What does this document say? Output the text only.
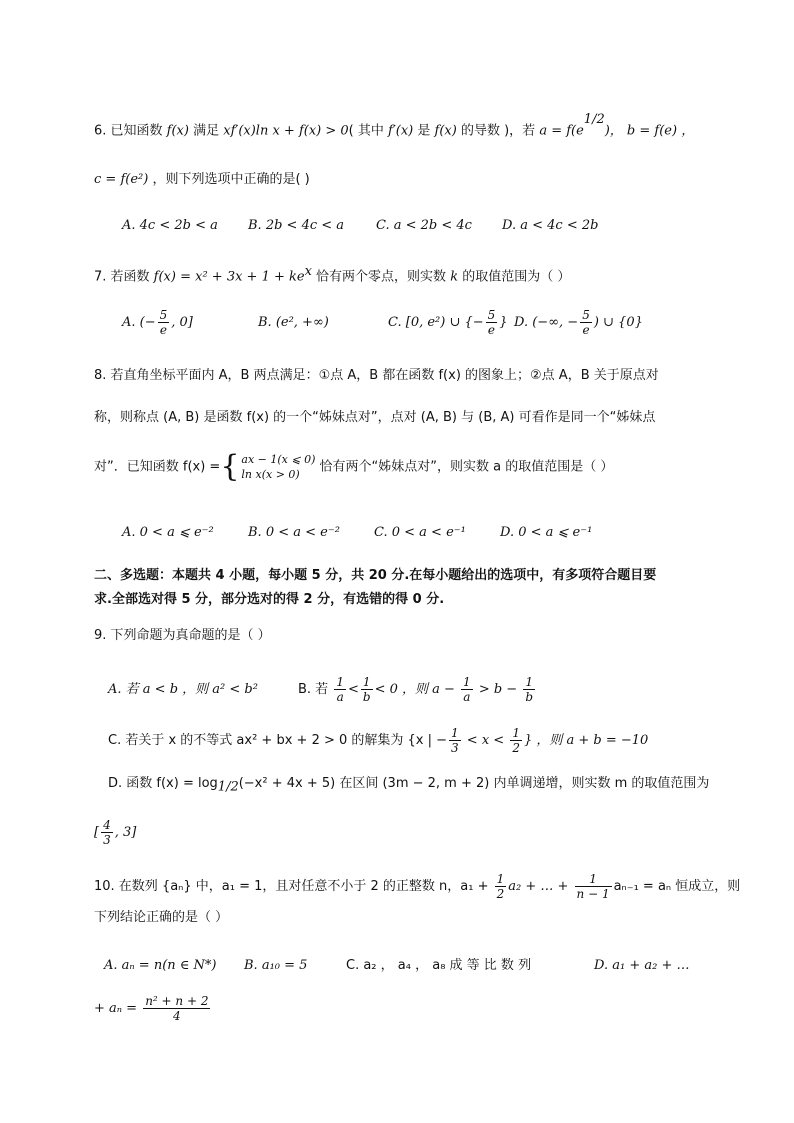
6. 已知函数 f(x) 满足 xf′(x)ln x + f(x) > 0( 其中 f′(x) 是 f(x) 的导数 )，若 $a = f(e^{1/2})$， b = f(e) ，
c = f(e²) ，则下列选项中正确的是( )
A. 4c < 2b < a B. 2b < 4c < a C. a < 2b < 4c D. a < 4c < 2b
7. 若函数 $f(x) = x^2 + 3x + 1 + ke^x$ 恰有两个零点，则实数 k 的取值范围为（ ）
A. (− $\frac{5}{e}$ , 0]	B. (e², +∞)	C. [0, e²) ∪ {− $\frac{5}{e}$ } D. (−∞, − $\frac{5}{e}$ ) ∪ {0}
8. 若直角坐标平面内 A，B 两点满足：①点 A，B 都在函数 f(x) 的图象上；②点 A，B 关于原点对
称，则称点 (A, B) 是函数 f(x) 的一个“姊妹点对”，点对 (A, B) 与 (B, A) 可看作是同一个“姊妹点
对”．已知函数 f(x) ={ ax − 1(x ⩽ 0)
ln x(x > 0)	恰有两个“姊妹点对”，则实数 a 的取值范围是（ ）
A. 0 < a ⩽ e⁻²	B. 0 < a < e⁻²	C. 0 < a < e⁻¹	D. 0 < a ⩽ e⁻¹
二、多选题：本题共 4 小题，每小题 5 分，共 20 分.在每小题给出的选项中，有多项符合题目要
求.全部选对得 5 分，部分选对的得 2 分，有选错的得 0 分.
9. 下列命题为真命题的是（ ）
A. 若 a < b ，则 a² < b²	B. 若 $\frac{1}{a} < \frac{1}{b} < 0$ ，则 $a - \frac{1}{a} > b - \frac{1}{b}$
C. 若关于 x 的不等式 ax² + bx + 2 > 0 的解集为 {x | − $\frac{1}{3} < x < \frac{1}{2}$ } ，则 a + b = −10
D. 函数 $f(x) = \log_{1/2}(-x^2 + 4x + 5)$ 在区间 (3m − 2, m + 2) 内单调递增，则实数 m 的取值范围为
[ $\frac{4}{3}$ , 3]
10. 在数列 {aₙ} 中，a₁ = 1，且对任意不小于 2 的正整数 n，$a_1 + \frac{1}{2} a_2$ + … + $\frac{1}{n - 1} a_{n-1} = a_n$ 恒成立，则
下列结论正确的是（ ）
A. aₙ = n(n ∈ N*) B. a₁₀ = 5	C. a₂ ， a₄ ， a₈ 成 等 比 数 列	D. a₁ + a₂ + …
+ $a_n = \frac{\text{n² + n + 2}}{4}$
